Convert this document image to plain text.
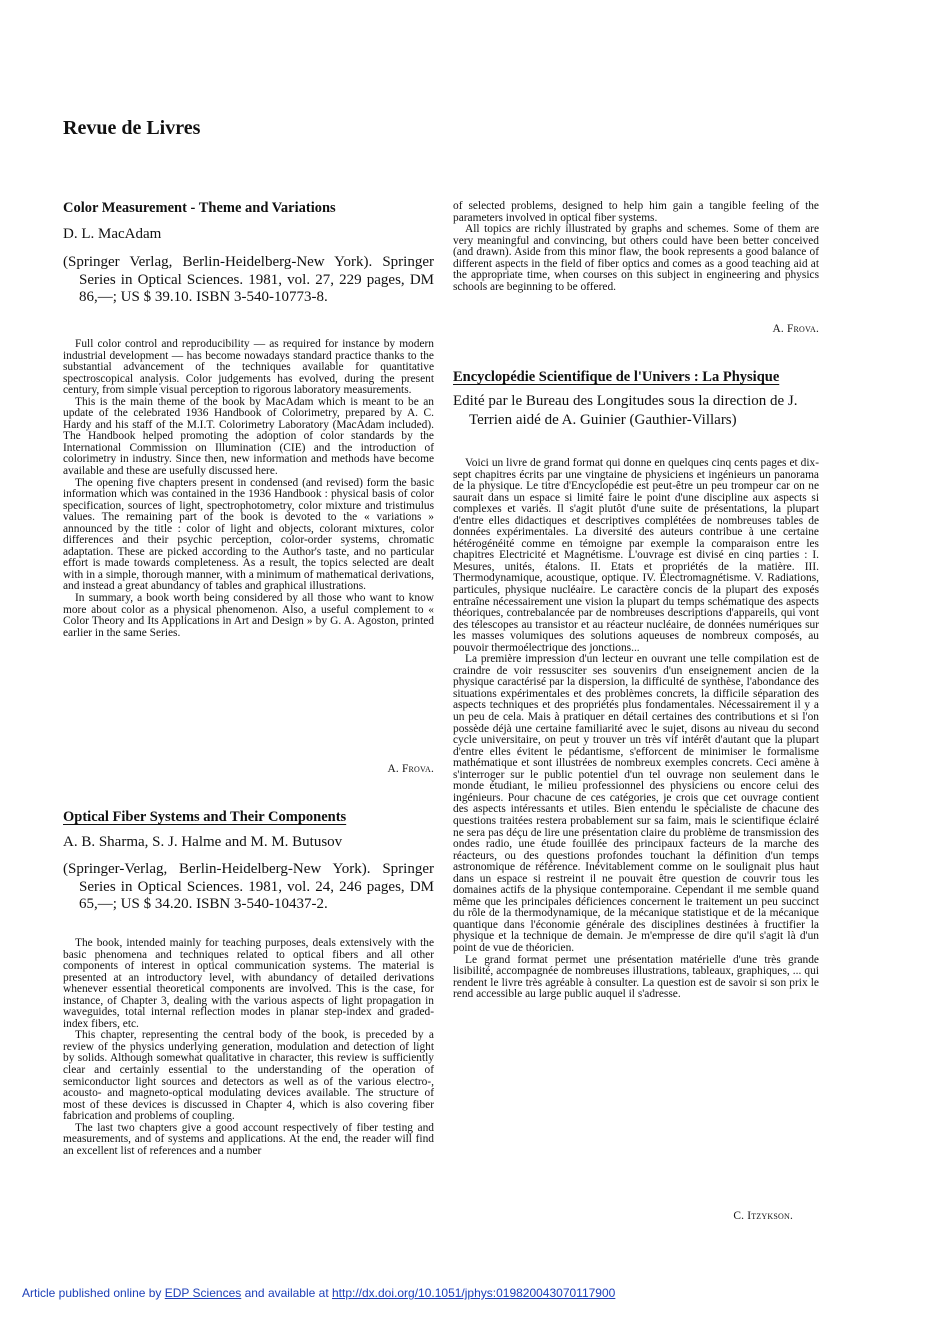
Revue de Livres
Color Measurement - Theme and Variations

D. L. MacAdam

(Springer Verlag, Berlin-Heidelberg-New York). Springer Series in Optical Sciences. 1981, vol. 27, 229 pages, DM 86,—; US $ 39.10. ISBN 3-540-10773-8.

Full color control and reproducibility — as required for instance by modern industrial development — has become nowadays standard practice thanks to the substantial advancement of the techniques available for quantitative spectroscopical analysis. Color judgements has evolved, during the present century, from simple visual perception to rigorous laboratory measurements.

This is the main theme of the book by MacAdam which is meant to be an update of the celebrated 1936 Handbook of Colorimetry, prepared by A. C. Hardy and his staff of the M.I.T. Colorimetry Laboratory (MacAdam included). The Handbook helped promoting the adoption of color standards by the International Commission on Illumination (CIE) and the introduction of colorimetry in industry. Since then, new information and methods have become available and these are usefully discussed here.

The opening five chapters present in condensed (and revised) form the basic information which was contained in the 1936 Handbook : physical basis of color specification, sources of light, spectrophotometry, color mixture and tristimulus values. The remaining part of the book is devoted to the « variations » announced by the title : color of light and objects, colorant mixtures, color differences and their psychic perception, color-order systems, chromatic adaptation. These are picked according to the Author's taste, and no particular effort is made towards completeness. As a result, the topics selected are dealt with in a simple, thorough manner, with a minimum of mathematical derivations, and instead a great abundancy of tables and graphical illustrations.

In summary, a book worth being considered by all those who want to know more about color as a physical phenomenon. Also, a useful complement to « Color Theory and Its Applications in Art and Design » by G. A. Agoston, printed earlier in the same Series.

A. Frova.

Optical Fiber Systems and Their Components

A. B. Sharma, S. J. Halme and M. M. Butusov

(Springer-Verlag, Berlin-Heidelberg-New York). Springer Series in Optical Sciences. 1981, vol. 24, 246 pages, DM 65,—; US $ 34.20. ISBN 3-540-10437-2.

The book, intended mainly for teaching purposes, deals extensively with the basic phenomena and techniques related to optical fibers and all other components of interest in optical communication systems. The material is presented at an introductory level, with abundancy of detailed derivations whenever essential theoretical components are involved. This is the case, for instance, of Chapter 3, dealing with the various aspects of light propagation in waveguides, total internal reflection modes in planar step-index and graded-index fibers, etc.

This chapter, representing the central body of the book, is preceded by a review of the physics underlying generation, modulation and detection of light by solids. Although somewhat qualitative in character, this review is sufficiently clear and certainly essential to the understanding of the operation of semiconductor light sources and detectors as well as of the various electro-, acousto- and magneto-optical modulating devices available. The structure of most of these devices is discussed in Chapter 4, which is also covering fiber fabrication and problems of coupling.

The last two chapters give a good account respectively of fiber testing and measurements, and of systems and applications. At the end, the reader will find an excellent list of references and a number

of selected problems, designed to help him gain a tangible feeling of the parameters involved in optical fiber systems.

All topics are richly illustrated by graphs and schemes. Some of them are very meaningful and convincing, but others could have been better conceived (and drawn). Aside from this minor flaw, the book represents a good balance of different aspects in the field of fiber optics and comes as a good teaching aid at the appropriate time, when courses on this subject in engineering and physics schools are beginning to be offered.

A. Frova.

Encyclopédie Scientifique de l'Univers : La Physique

Edité par le Bureau des Longitudes sous la direction de J. Terrien aidé de A. Guinier (Gauthier-Villars)

Voici un livre de grand format qui donne en quelques cinq cents pages et dix-sept chapitres écrits par une vingtaine de physiciens et ingénieurs un panorama de la physique. Le titre d'Encyclopédie est peut-être un peu trompeur car on ne saurait dans un espace si limité faire le point d'une discipline aux aspects si complexes et variés. Il s'agit plutôt d'une suite de présentations, la plupart d'entre elles didactiques et descriptives complétées de nombreuses tables de données expérimentales. La diversité des auteurs contribue à une certaine hétérogénéité comme en témoigne par exemple la comparaison entre les chapitres Electricité et Magnétisme. L'ouvrage est divisé en cinq parties : I. Mesures, unités, étalons. II. Etats et propriétés de la matière. III. Thermodynamique, acoustique, optique. IV. Electromagnétisme. V. Radiations, particules, physique nucléaire. Le caractère concis de la plupart des exposés entraîne nécessairement une vision la plupart du temps schématique des aspects théoriques, contrebalancée par de nombreuses descriptions d'appareils, qui vont des télescopes au transistor et au réacteur nucléaire, de données numériques sur les masses volumiques des solutions aqueuses de nombreux composés, au pouvoir thermoélectrique des jonctions...

La première impression d'un lecteur en ouvrant une telle compilation est de craindre de voir ressusciter ses souvenirs d'un enseignement ancien de la physique caractérisé par la dispersion, la difficulté de synthèse, l'abondance des situations expérimentales et des problèmes concrets, la difficile séparation des aspects techniques et des propriétés plus fondamentales. Nécessairement il y a un peu de cela. Mais à pratiquer en détail certaines des contributions et si l'on possède déjà une certaine familiarité avec le sujet, disons au niveau du second cycle universitaire, on peut y trouver un très vif intérêt d'autant que la plupart d'entre elles évitent le pédantisme, s'efforcent de minimiser le formalisme mathématique et sont illustrées de nombreux exemples concrets. Ceci amène à s'interroger sur le public potentiel d'un tel ouvrage non seulement dans le monde étudiant, le milieu professionnel des physiciens ou encore celui des ingénieurs. Pour chacune de ces catégories, je crois que cet ouvrage contient des aspects intéressants et utiles. Bien entendu le spécialiste de chacune des questions traitées restera probablement sur sa faim, mais le scientifique éclairé ne sera pas déçu de lire une présentation claire du problème de transmission des ondes radio, une étude fouillée des principaux facteurs de la marche des réacteurs, ou des questions profondes touchant la définition d'un temps astronomique de référence. Inévitablement comme on le soulignait plus haut dans un espace si restreint il ne pouvait être question de couvrir tous les domaines actifs de la physique contemporaine. Cependant il me semble quand même que les principales déficiences concernent le traitement un peu succinct du rôle de la thermodynamique, de la mécanique statistique et de la mécanique quantique dans l'économie générale des disciplines destinées à fructifier la physique et la technique de demain. Je m'empresse de dire qu'il s'agit là d'un point de vue de théoricien.

Le grand format permet une présentation matérielle d'une très grande lisibilité, accompagnée de nombreuses illustrations, tableaux, graphiques, ... qui rendent le livre très agréable à consulter. La question est de savoir si son prix le rend accessible au large public auquel il s'adresse.

C. Itzykson.

Article published online by EDP Sciences and available at http://dx.doi.org/10.1051/jphys:019820043070117900
